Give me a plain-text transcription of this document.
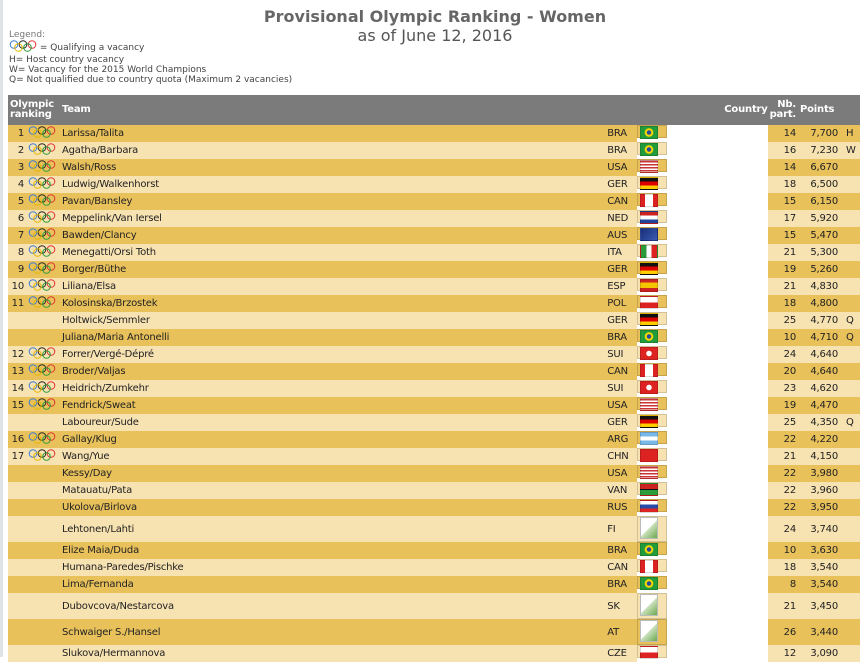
Provisional Olympic Ranking - Women
as of June 12, 2016
Legend:
= Qualifying a vacancy
H= Host country vacancy
W= Vacancy for the 2015 World Champions
Q= Not qualified due to country quota (Maximum 2 vacancies)
Olympic ranking		Team	Country	Nb. part.	Points	
1		Larissa/Talita	BRA	14	7,700	H
2		Agatha/Barbara	BRA	16	7,230	W
3		Walsh/Ross	USA	14	6,670	
4		Ludwig/Walkenhorst	GER	18	6,500	
5		Pavan/Bansley	CAN	15	6,150	
6		Meppelink/Van Iersel	NED	17	5,920	
7		Bawden/Clancy	AUS	15	5,470	
8		Menegatti/Orsi Toth	ITA	21	5,300	
9		Borger/Büthe	GER	19	5,260	
10		Liliana/Elsa	ESP	21	4,830	
11		Kolosinska/Brzostek	POL	18	4,800	
		Holtwick/Semmler	GER	25	4,770	Q
		Juliana/Maria Antonelli	BRA	10	4,710	Q
12		Forrer/Vergé-Dépré	SUI	24	4,640	
13		Broder/Valjas	CAN	20	4,640	
14		Heidrich/Zumkehr	SUI	23	4,620	
15		Fendrick/Sweat	USA	19	4,470	
		Laboureur/Sude	GER	25	4,350	Q
16		Gallay/Klug	ARG	22	4,220	
17		Wang/Yue	CHN	21	4,150	
		Kessy/Day	USA	22	3,980	
		Matauatu/Pata	VAN	22	3,960	
		Ukolova/Birlova	RUS	22	3,950	
		Lehtonen/Lahti	FI	24	3,740	
		Elize Maia/Duda	BRA	10	3,630	
		Humana-Paredes/Pischke	CAN	18	3,540	
		Lima/Fernanda	BRA	8	3,540	
		Dubovcova/Nestarcova	SK	21	3,450	
		Schwaiger S./Hansel	AT	26	3,440	
		Slukova/Hermannova	CZE	12	3,090	
